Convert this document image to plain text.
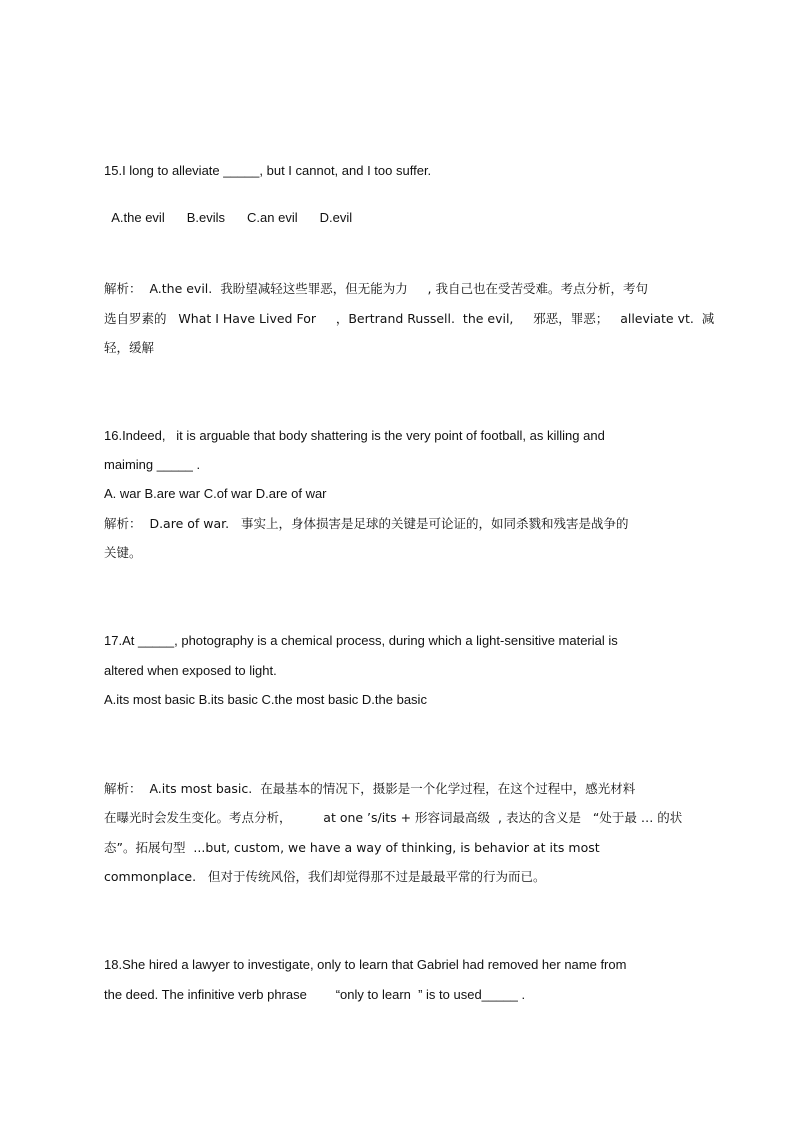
15.I long to alleviate _____, but I cannot, and I too suffer.

A.the evil B.evils C.an evil D.evil

解析：  A.the evil.  我盼望减轻这些罪恶，但无能为力     , 我自己也在受苦受难。考点分析，考句
选自罗素的   What I Have Lived For     ，Bertrand Russell.  the evil,     邪恶，罪恶；   alleviate vt.  减
轻，缓解
16.Indeed,   it is arguable that body shattering is the very point of football, as killing and
maiming _____ .
A. war B.are war C.of war D.are of war
解析：  D.are of war.   事实上，身体损害是足球的关键是可论证的，如同杀戮和残害是战争的
关键。
17.At _____, photography is a chemical process, during which a light-sensitive material is
altered when exposed to light.
A.its most basic B.its basic C.the most basic D.the basic
解析：  A.its most basic.  在最基本的情况下，摄影是一个化学过程，在这个过程中，感光材料
在曝光时会发生变化。考点分析，        at one ’s/its + 形容词最高级  , 表达的含义是   “处于最 … 的状
态”。拓展句型  ...but, custom, we have a way of thinking, is behavior at its most
commonplace.   但对于传统风俗，我们却觉得那不过是最最平常的行为而已。
18.She hired a lawyer to investigate, only to learn that Gabriel had removed her name from
the deed. The infinitive verb phrase        “only to learn  ” is to used_____ .
